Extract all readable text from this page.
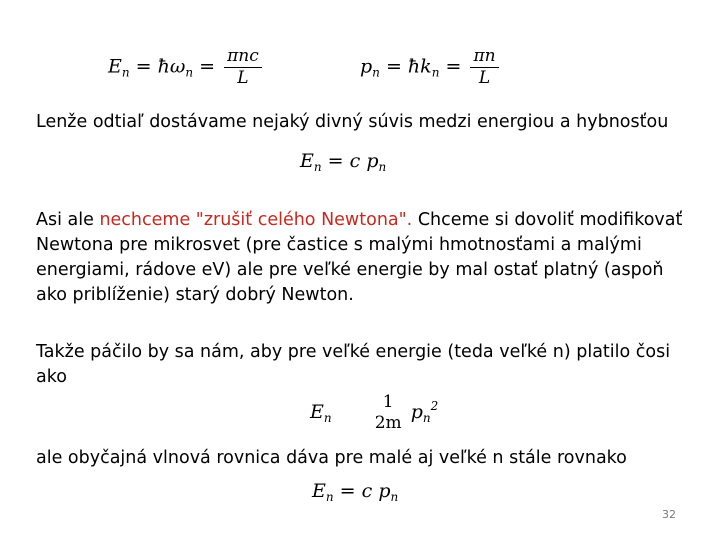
$E_n$ = $ħ\omega_n = \frac{\text{πnc}}{L}$	$p_n$ = $ħk_n = \frac{\pi n}{L}$
Lenže odtiaľ dostávame nejaký divný súvis medzi energiou a hybnosťou
$E_n = c$ $p_n$
Asi ale nechceme "zrušiť celého Newtona". Chceme si dovoliť modifikovať Newtona pre mikrosvet (pre častice s malými hmotnosťami a malými energiami, rádove eV) ale pre veľké energie by mal ostať platný (aspoň ako priblíženie) starý dobrý Newton.
Takže páčilo by sa nám, aby pre veľké energie (teda veľké n) platilo čosi ako
$E_n$
1
2m $p_n^2$
ale obyčajná vlnová rovnica dáva pre malé aj veľké n stále rovnako
$E_n = c$ $p_n$
32
